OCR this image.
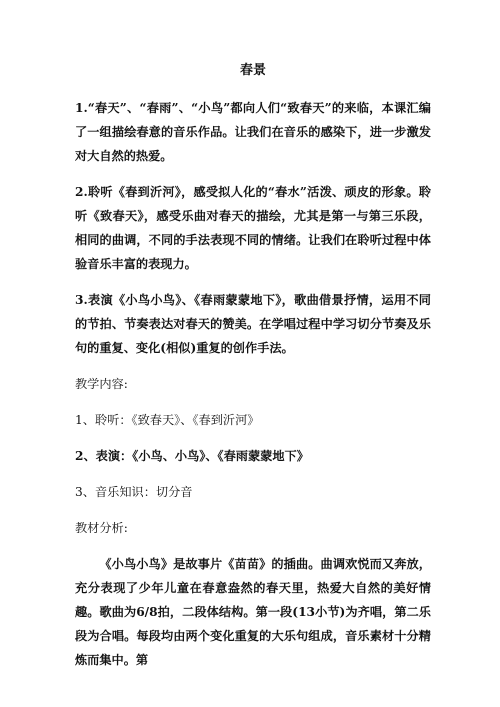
春景

1.“春天”、“春雨”、“小鸟”都向人们“致春天”的来临，本课汇编了一组描绘春意的音乐作品。让我们在音乐的感染下，进一步激发对大自然的热爱。

2.聆听《春到沂河》，感受拟人化的“春水”活泼、顽皮的形象。聆听《致春天》，感受乐曲对春天的描绘，尤其是第一与第三乐段，相同的曲调，不同的手法表现不同的情绪。让我们在聆听过程中体验音乐丰富的表现力。

3.表演《小鸟小鸟》、《春雨蒙蒙地下》，歌曲借景抒情，运用不同的节拍、节奏表达对春天的赞美。在学唱过程中学习切分节奏及乐句的重复、变化(相似)重复的创作手法。

教学内容:
1、聆听：《致春天》、《春到沂河》
2、表演：《小鸟、小鸟》、《春雨蒙蒙地下》
3、音乐知识：切分音
教材分析:

《小鸟小鸟》是故事片《苗苗》的插曲。曲调欢悦而又奔放，充分表现了少年儿童在春意盎然的春天里，热爱大自然的美好情趣。歌曲为6/8拍，二段体结构。第一段(13小节)为齐唱，第二乐段为合唱。每段均由两个变化重复的大乐句组成，音乐素材十分精炼而集中。第
